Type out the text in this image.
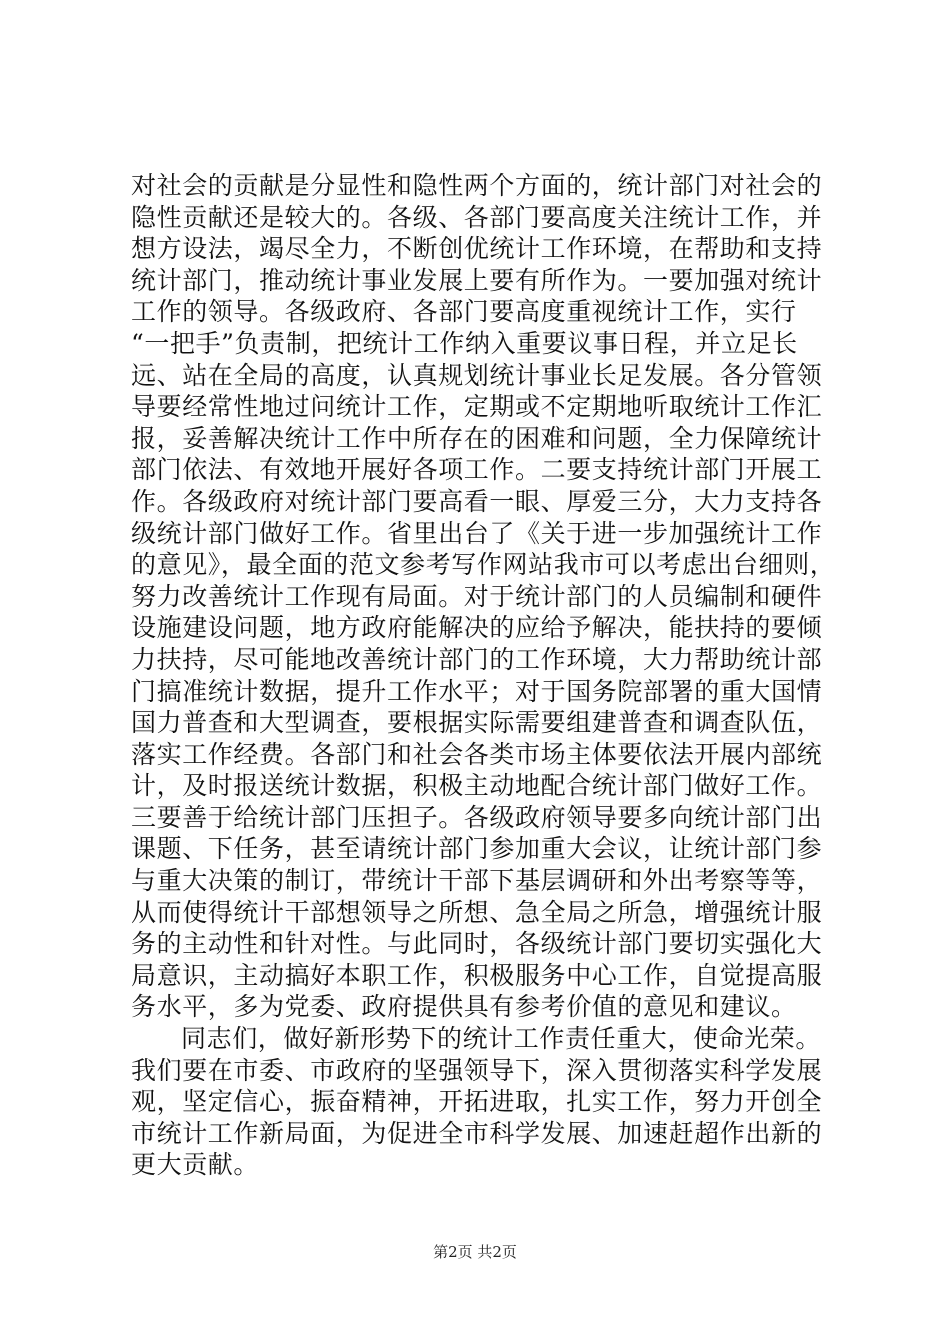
对社会的贡献是分显性和隐性两个方面的，统计部门对社会的
隐性贡献还是较大的。各级、各部门要高度关注统计工作，并
想方设法，竭尽全力，不断创优统计工作环境，在帮助和支持
统计部门，推动统计事业发展上要有所作为。一要加强对统计
工作的领导。各级政府、各部门要高度重视统计工作，实行
“一把手”负责制，把统计工作纳入重要议事日程，并立足长
远、站在全局的高度，认真规划统计事业长足发展。各分管领
导要经常性地过问统计工作，定期或不定期地听取统计工作汇
报，妥善解决统计工作中所存在的困难和问题，全力保障统计
部门依法、有效地开展好各项工作。二要支持统计部门开展工
作。各级政府对统计部门要高看一眼、厚爱三分，大力支持各
级统计部门做好工作。省里出台了《关于进一步加强统计工作
的意见》，最全面的范文参考写作网站我市可以考虑出台细则，
努力改善统计工作现有局面。对于统计部门的人员编制和硬件
设施建设问题，地方政府能解决的应给予解决，能扶持的要倾
力扶持，尽可能地改善统计部门的工作环境，大力帮助统计部
门搞准统计数据，提升工作水平；对于国务院部署的重大国情
国力普查和大型调查，要根据实际需要组建普查和调查队伍，
落实工作经费。各部门和社会各类市场主体要依法开展内部统
计，及时报送统计数据，积极主动地配合统计部门做好工作。
三要善于给统计部门压担子。各级政府领导要多向统计部门出
课题、下任务，甚至请统计部门参加重大会议，让统计部门参
与重大决策的制订，带统计干部下基层调研和外出考察等等，
从而使得统计干部想领导之所想、急全局之所急，增强统计服
务的主动性和针对性。与此同时，各级统计部门要切实强化大
局意识，主动搞好本职工作，积极服务中心工作，自觉提高服
务水平，多为党委、政府提供具有参考价值的意见和建议。
同志们，做好新形势下的统计工作责任重大，使命光荣。
我们要在市委、市政府的坚强领导下，深入贯彻落实科学发展
观，坚定信心，振奋精神，开拓进取，扎实工作，努力开创全
市统计工作新局面，为促进全市科学发展、加速赶超作出新的
更大贡献。
第2页 共2页
